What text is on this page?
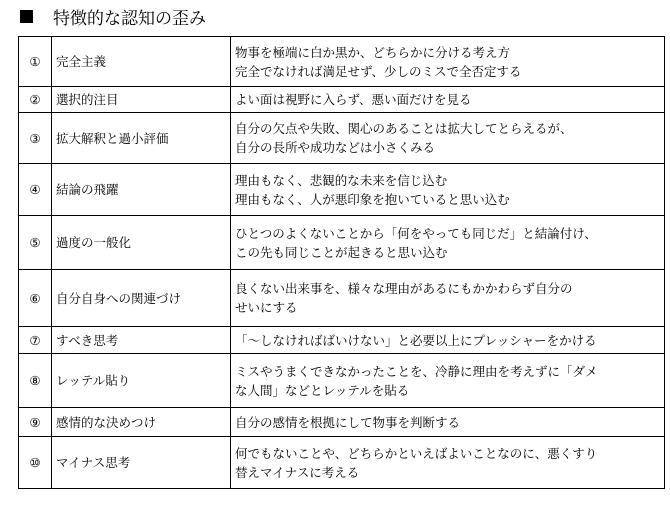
特徴的な認知の歪み
①	完全主義	物事を極端に白か黒か、どちらかに分ける考え方
完全でなければ満足せず、少しのミスで全否定する

②	選択的注目	よい面は視野に入らず、悪い面だけを見る

③	拡大解釈と過小評価	自分の欠点や失敗、関心のあることは拡大してとらえるが、
自分の長所や成功などは小さくみる

④	結論の飛躍	理由もなく、悲観的な未来を信じ込む
理由もなく、人が悪印象を抱いていると思い込む

⑤	過度の一般化	ひとつのよくないことから「何をやっても同じだ」と結論付け、
この先も同じことが起きると思い込む

⑥	自分自身への関連づけ	良くない出来事を、様々な理由があるにもかかわらず自分の
せいにする

⑦	すべき思考	「～しなければばいけない」と必要以上にプレッシャーをかける

⑧	レッテル貼り	ミスやうまくできなかったことを、冷静に理由を考えずに「ダメ
な人間」などとレッテルを貼る

⑨	感情的な決めつけ	自分の感情を根拠にして物事を判断する

⑩	マイナス思考	何でもないことや、どちらかといえばよいことなのに、悪くすり
替えマイナスに考える
